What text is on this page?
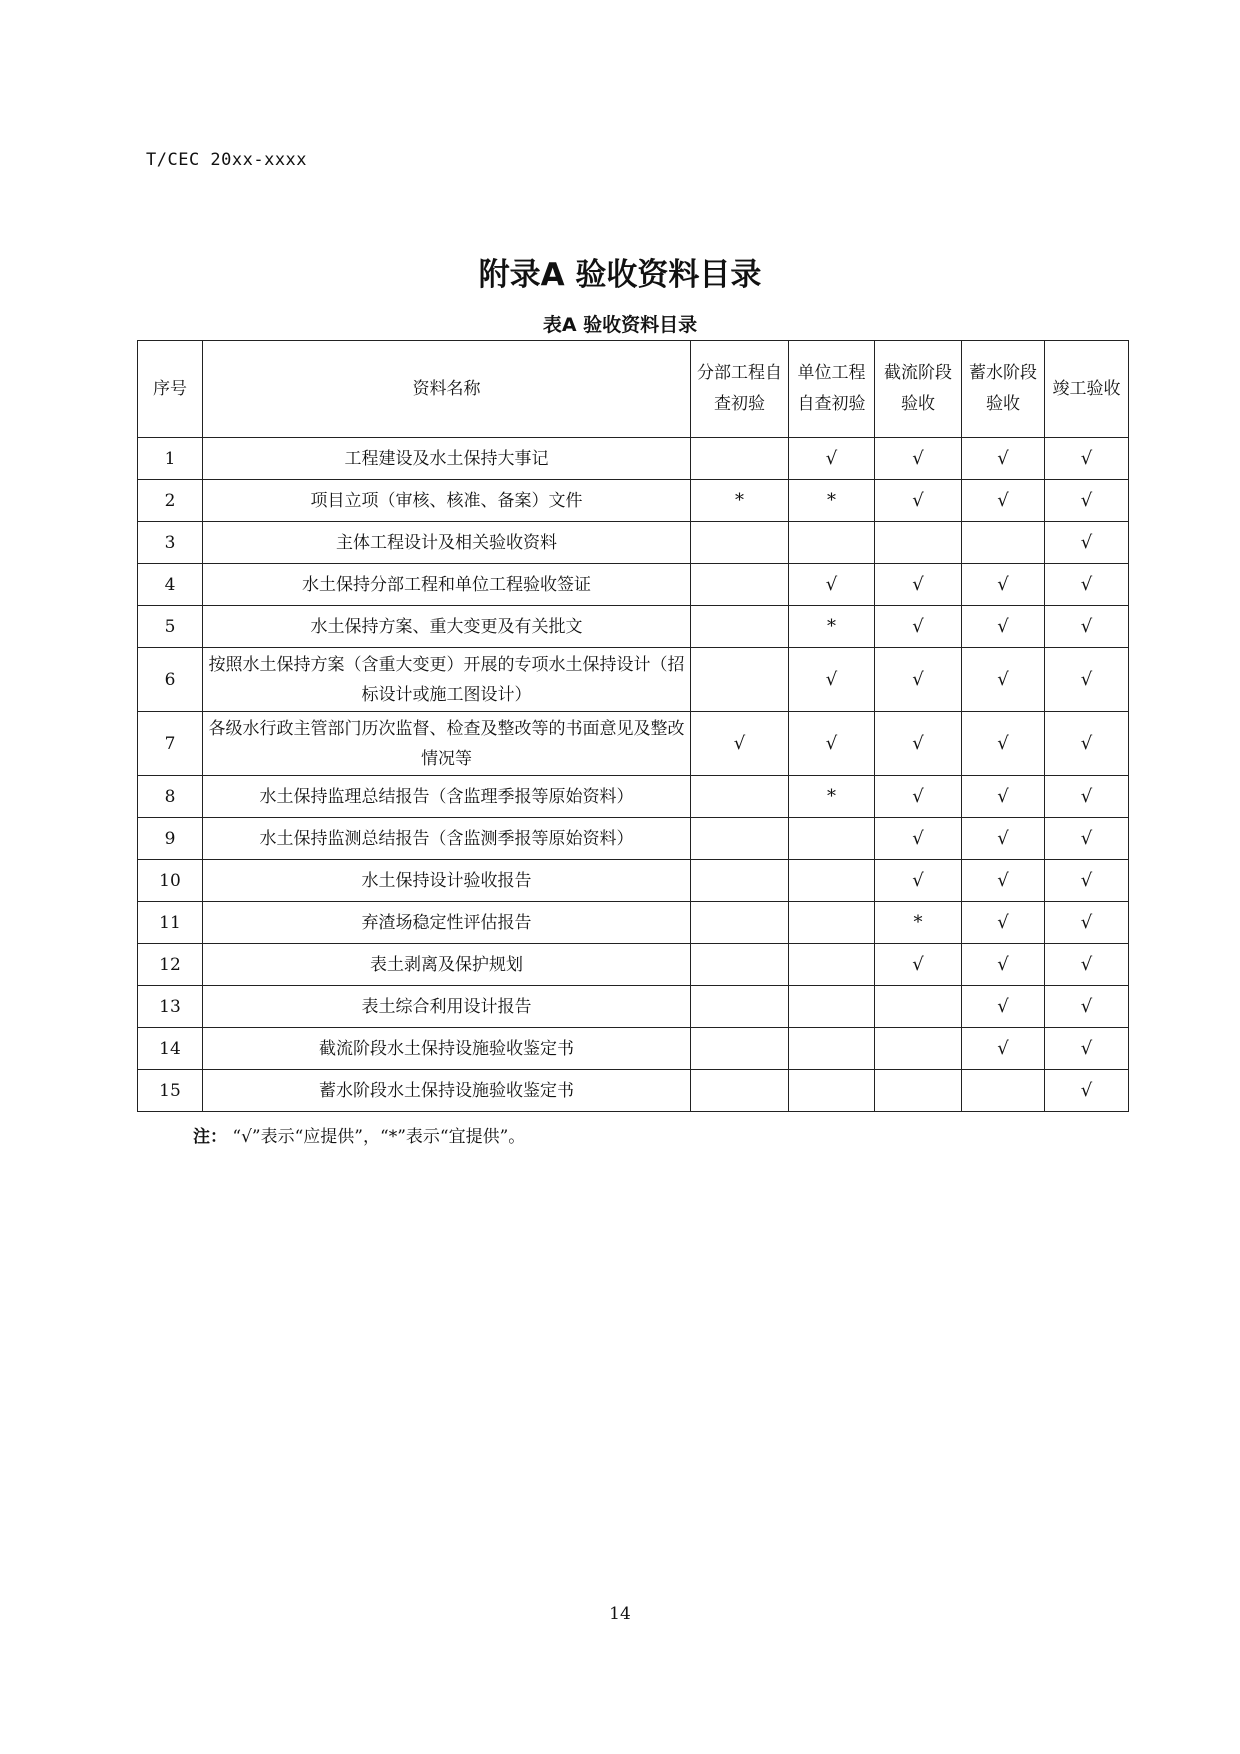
T/CEC 20xx-xxxx
附录A 验收资料目录
表A 验收资料目录
序号	资料名称	分部工程自查初验	单位工程自查初验	截流阶段验收	蓄水阶段验收	竣工验收
1	工程建设及水土保持大事记		√	√	√	√
2	项目立项（审核、核准、备案）文件	*	*	√	√	√
3	主体工程设计及相关验收资料					√
4	水土保持分部工程和单位工程验收签证		√	√	√	√
5	水土保持方案、重大变更及有关批文		*	√	√	√
6	按照水土保持方案（含重大变更）开展的专项水土保持设计（招标设计或施工图设计）		√	√	√	√
7	各级水行政主管部门历次监督、检查及整改等的书面意见及整改情况等	√	√	√	√	√
8	水土保持监理总结报告（含监理季报等原始资料）		*	√	√	√
9	水土保持监测总结报告（含监测季报等原始资料）			√	√	√
10	水土保持设计验收报告			√	√	√
11	弃渣场稳定性评估报告			*	√	√
12	表土剥离及保护规划			√	√	√
13	表土综合利用设计报告				√	√
14	截流阶段水土保持设施验收鉴定书				√	√
15	蓄水阶段水土保持设施验收鉴定书					√
注： “√”表示“应提供”，“*”表示“宜提供”。
14
